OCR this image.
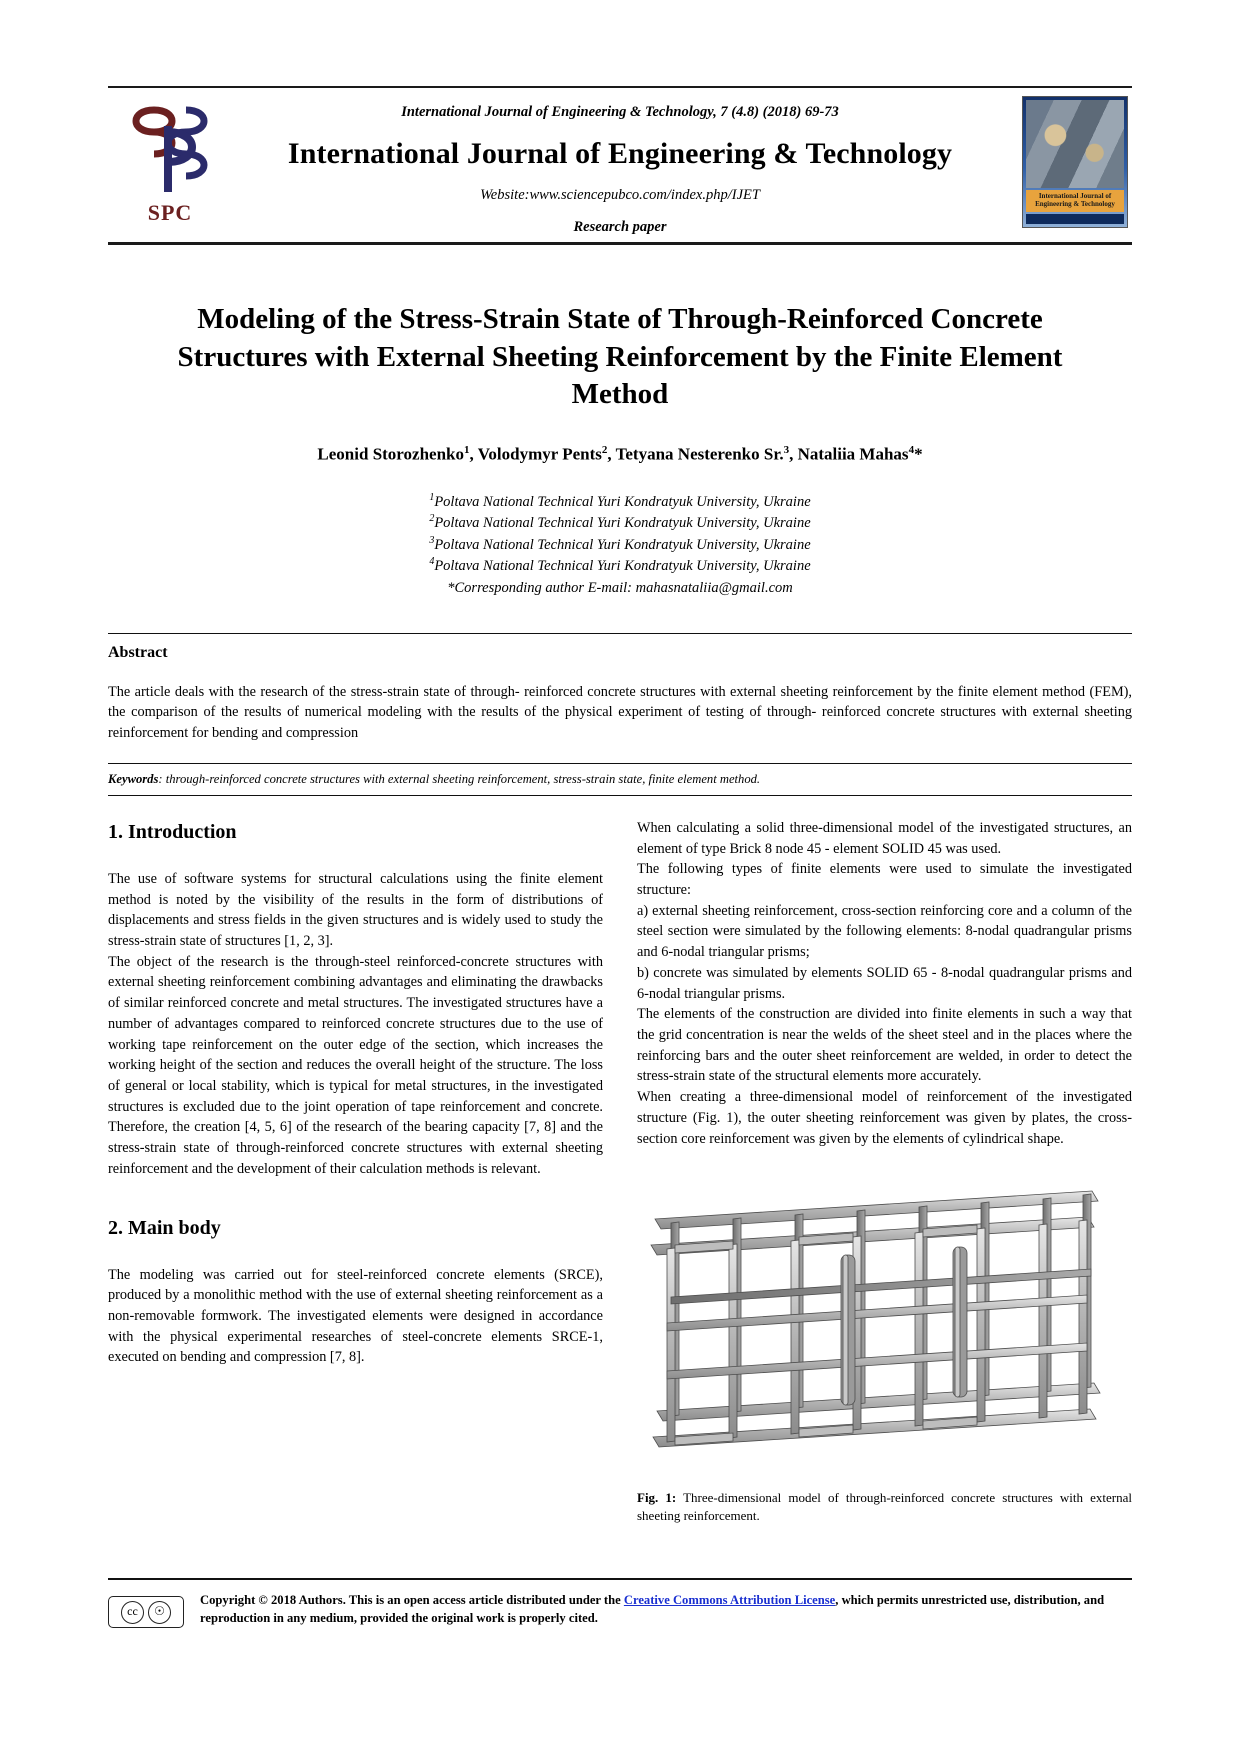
SPC
International Journal of Engineering & Technology, 7 (4.8) (2018) 69-73
International Journal of Engineering & Technology
Website:www.sciencepubco.com/index.php/IJET
Research paper
International Journal of Engineering & Technology
Modeling of the Stress-Strain State of Through-Reinforced Concrete Structures with External Sheeting Reinforcement by the Finite Element Method
Leonid Storozhenko$^1$, Volodymyr Pents$^2$, Tetyana Nesterenko Sr.$^3$, Nataliia Mahas$^4$*
$^1$Poltava National Technical Yuri Kondratyuk University, Ukraine
$^2$Poltava National Technical Yuri Kondratyuk University, Ukraine
$^3$Poltava National Technical Yuri Kondratyuk University, Ukraine
$^4$Poltava National Technical Yuri Kondratyuk University, Ukraine
*Corresponding author E-mail: mahasnataliia@gmail.com
Abstract
The article deals with the research of the stress-strain state of through- reinforced concrete structures with external sheeting reinforcement by the finite element method (FEM), the comparison of the results of numerical modeling with the results of the physical experiment of testing of through- reinforced concrete structures with external sheeting reinforcement for bending and compression
Keywords: through-reinforced concrete structures with external sheeting reinforcement, stress-strain state, finite element method.
1. Introduction

The use of software systems for structural calculations using the finite element method is noted by the visibility of the results in the form of distributions of displacements and stress fields in the given structures and is widely used to study the stress-strain state of structures [1, 2, 3].

The object of the research is the through-steel reinforced-concrete structures with external sheeting reinforcement combining advantages and eliminating the drawbacks of similar reinforced concrete and metal structures. The investigated structures have a number of advantages compared to reinforced concrete structures due to the use of working tape reinforcement on the outer edge of the section, which increases the working height of the section and reduces the overall height of the structure. The loss of general or local stability, which is typical for metal structures, in the investigated structures is excluded due to the joint operation of tape reinforcement and concrete. Therefore, the creation [4, 5, 6] of the research of the bearing capacity [7, 8] and the stress-strain state of through-reinforced concrete structures with external sheeting reinforcement and the development of their calculation methods is relevant.

2. Main body

The modeling was carried out for steel-reinforced concrete elements (SRCE), produced by a monolithic method with the use of external sheeting reinforcement as a non-removable formwork. The investigated elements were designed in accordance with the physical experimental researches of steel-concrete elements SRCE-1, executed on bending and compression [7, 8].

When calculating a solid three-dimensional model of the investigated structures, an element of type Brick 8 node 45 - element SOLID 45 was used.

The following types of finite elements were used to simulate the investigated structure:

a) external sheeting reinforcement, cross-section reinforcing core and a column of the steel section were simulated by the following elements: 8-nodal quadrangular prisms and 6-nodal triangular prisms;

b) concrete was simulated by elements SOLID 65 - 8-nodal quadrangular prisms and 6-nodal triangular prisms.

The elements of the construction are divided into finite elements in such a way that the grid concentration is near the welds of the sheet steel and in the places where the reinforcing bars and the outer sheet reinforcement are welded, in order to detect the stress-strain state of the structural elements more accurately.

When creating a three-dimensional model of reinforcement of the investigated structure (Fig. 1), the outer sheeting reinforcement was given by plates, the cross-section core reinforcement was given by the elements of cylindrical shape.

Fig. 1: Three-dimensional model of through-reinforced concrete structures with external sheeting reinforcement.
cc	☉
Copyright © 2018 Authors. This is an open access article distributed under the Creative Commons Attribution License, which permits unrestricted use, distribution, and reproduction in any medium, provided the original work is properly cited.
